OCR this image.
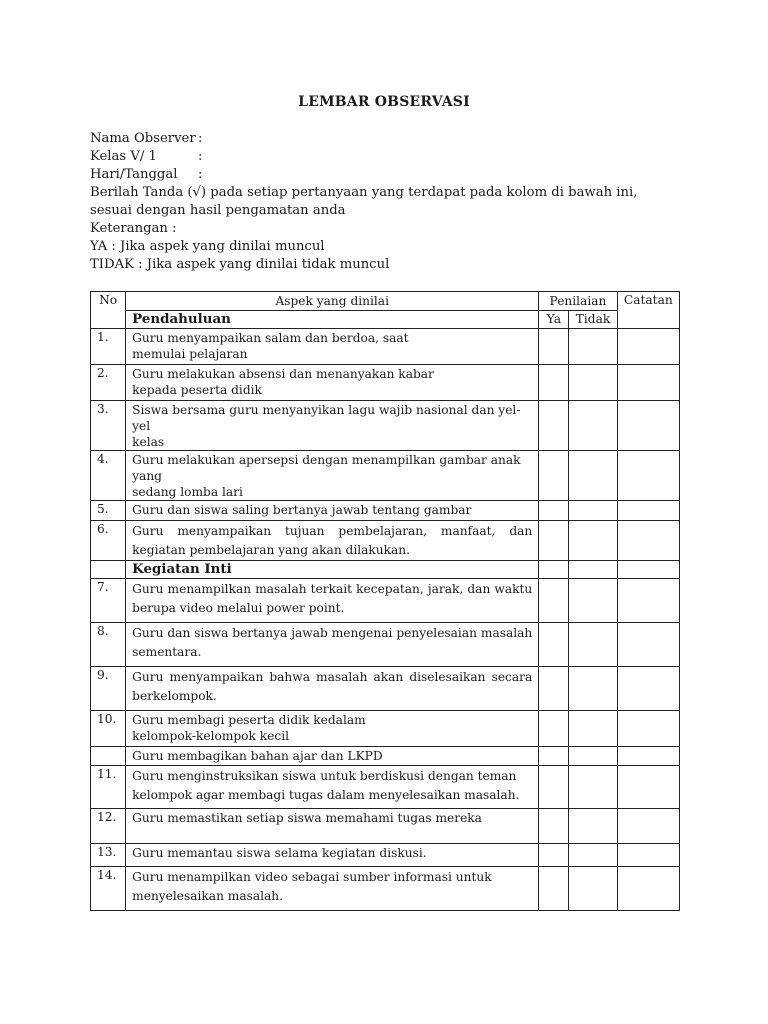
LEMBAR OBSERVASI
Nama Observer :
Kelas V/ 1	:
Hari/Tanggal :

Berilah Tanda (√) pada setiap pertanyaan yang terdapat pada kolom di bawah ini, sesuai dengan hasil pengamatan anda

Keterangan :

YA : Jika aspek yang dinilai muncul

TIDAK : Jika aspek yang dinilai tidak muncul

No	Aspek yang dinilai	Penilaian		Catatan
	Pendahuluan	Ya	Tidak	
1.	Guru menyampaikan salam dan berdoa, saat
memulai pelajaran			
2.	Guru melakukan absensi dan menanyakan kabar
kepada peserta didik			
3.	Siswa bersama guru menyanyikan lagu wajib nasional dan yel-yel
kelas			
4.	Guru melakukan apersepsi dengan menampilkan gambar anak yang
sedang lomba lari			
5.	Guru dan siswa saling bertanya jawab tentang gambar			
6.	Guru menyampaikan tujuan pembelajaran, manfaat, dan kegiatan pembelajaran yang akan dilakukan.			
	Kegiatan Inti			
7.	Guru menampilkan masalah terkait kecepatan, jarak, dan waktu berupa video melalui power point.			
8.	Guru dan siswa bertanya jawab mengenai penyelesaian masalah sementara.			
9.	Guru menyampaikan bahwa masalah akan diselesaikan secara berkelompok.			
10.	Guru membagi peserta didik kedalam
kelompok-kelompok kecil			
	Guru membagikan bahan ajar dan LKPD			
11.	Guru menginstruksikan siswa untuk berdiskusi dengan teman
kelompok agar membagi tugas dalam menyelesaikan masalah.			
12.	Guru memastikan setiap siswa memahami tugas mereka			
13.	Guru memantau siswa selama kegiatan diskusi.			
14.	Guru menampilkan video sebagai sumber informasi untuk
menyelesaikan masalah.			
